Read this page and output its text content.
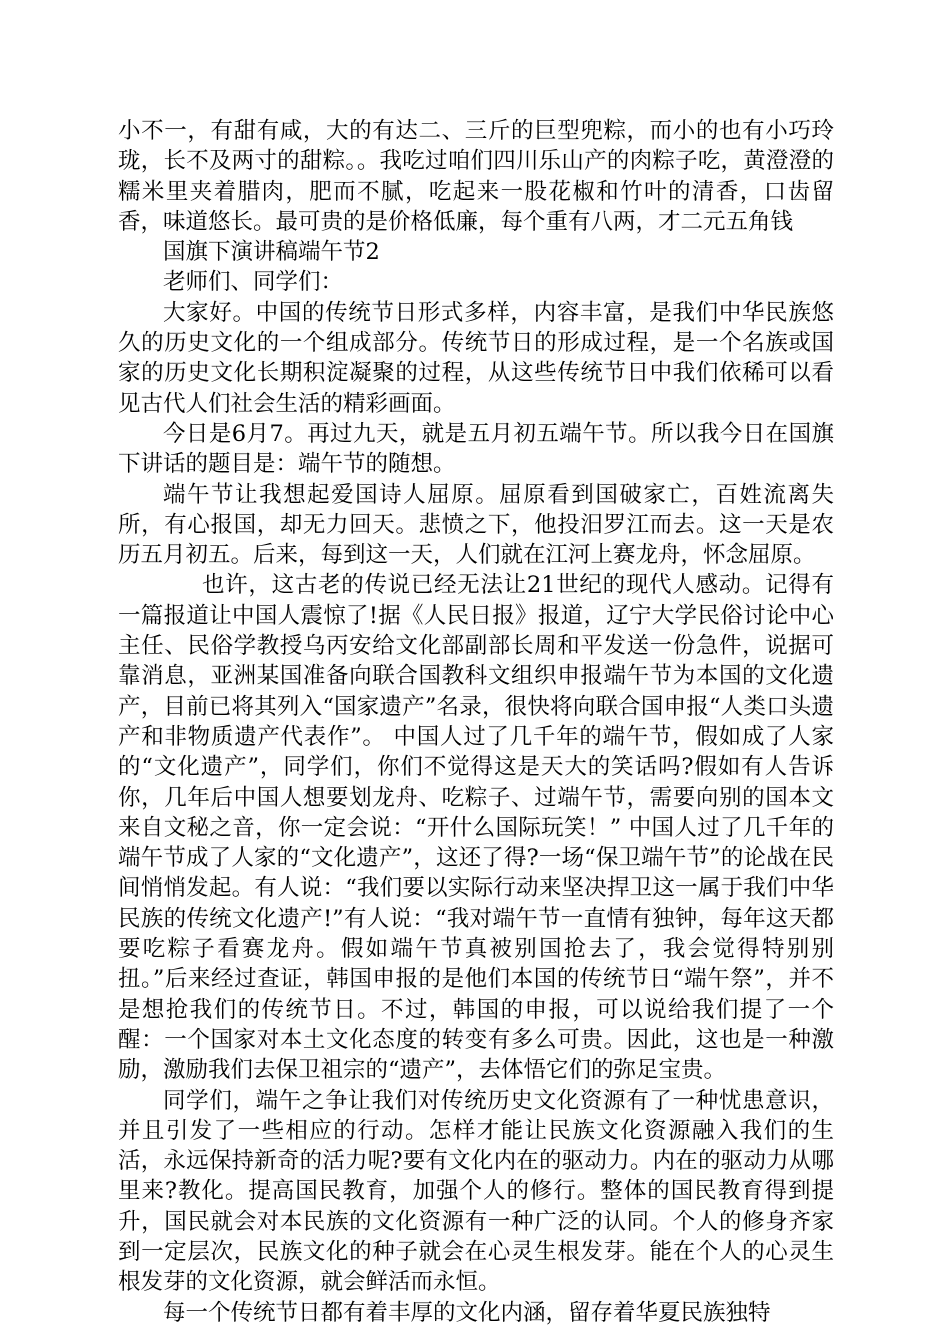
小不一，有甜有咸，大的有达二、三斤的巨型兜粽，而小的也有小巧玲珑，长不及两寸的甜粽。。我吃过咱们四川乐山产的肉粽子吃，黄澄澄的糯米里夹着腊肉，肥而不腻，吃起来一股花椒和竹叶的清香，口齿留香，味道悠长。最可贵的是价格低廉，每个重有八两，才二元五角钱

国旗下演讲稿端午节2

老师们、同学们：

大家好。中国的传统节日形式多样，内容丰富，是我们中华民族悠久的历史文化的一个组成部分。传统节日的形成过程，是一个名族或国家的历史文化长期积淀凝聚的过程，从这些传统节日中我们依稀可以看见古代人们社会生活的精彩画面。

今日是6月7。再过九天，就是五月初五端午节。所以我今日在国旗下讲话的题目是：端午节的随想。

端午节让我想起爱国诗人屈原。屈原看到国破家亡，百姓流离失所，有心报国，却无力回天。悲愤之下，他投汨罗江而去。这一天是农历五月初五。后来，每到这一天，人们就在江河上赛龙舟，怀念屈原。

也许，这古老的传说已经无法让21世纪的现代人感动。记得有一篇报道让中国人震惊了!据《人民日报》报道，辽宁大学民俗讨论中心主任、民俗学教授乌丙安给文化部副部长周和平发送一份急件，说据可靠消息，亚洲某国准备向联合国教科文组织申报端午节为本国的文化遗产，目前已将其列入“国家遗产”名录，很快将向联合国申报“人类口头遗产和非物质遗产代表作”。 中国人过了几千年的端午节，假如成了人家的“文化遗产”，同学们，你们不觉得这是天大的笑话吗?假如有人告诉你，几年后中国人想要划龙舟、吃粽子、过端午节，需要向别的国本文来自文秘之音，你一定会说：“开什么国际玩笑！” 中国人过了几千年的端午节成了人家的“文化遗产”，这还了得?一场“保卫端午节”的论战在民间悄悄发起。有人说：“我们要以实际行动来坚决捍卫这一属于我们中华民族的传统文化遗产!”有人说：“我对端午节一直情有独钟，每年这天都要吃粽子看赛龙舟。假如端午节真被别国抢去了，我会觉得特别别扭。”后来经过查证，韩国申报的是他们本国的传统节日“端午祭”，并不是想抢我们的传统节日。不过，韩国的申报，可以说给我们提了一个醒：一个国家对本土文化态度的转变有多么可贵。因此，这也是一种激励，激励我们去保卫祖宗的“遗产”，去体悟它们的弥足宝贵。

同学们，端午之争让我们对传统历史文化资源有了一种忧患意识，并且引发了一些相应的行动。怎样才能让民族文化资源融入我们的生活，永远保持新奇的活力呢?要有文化内在的驱动力。内在的驱动力从哪里来?教化。提高国民教育，加强个人的修行。整体的国民教育得到提升，国民就会对本民族的文化资源有一种广泛的认同。个人的修身齐家到一定层次，民族文化的种子就会在心灵生根发芽。能在个人的心灵生根发芽的文化资源，就会鲜活而永恒。

每一个传统节日都有着丰厚的文化内涵，留存着华夏民族独特
